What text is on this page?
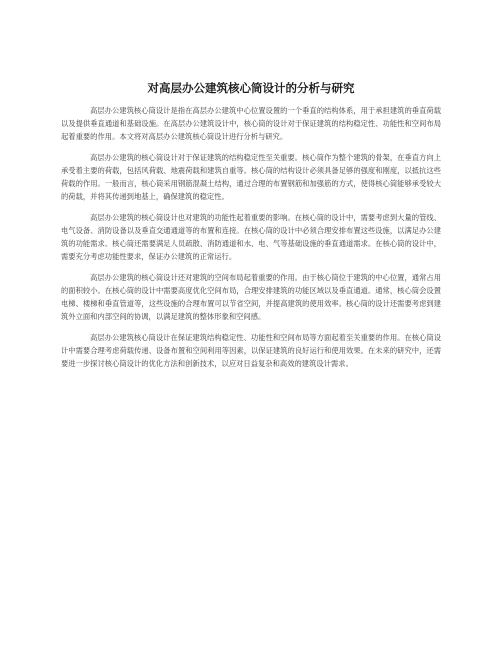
对高层办公建筑核心筒设计的分析与研究

高层办公建筑核心筒设计是指在高层办公建筑中心位置设置的一个垂直的结构体系，用于承担建筑的垂直荷载以及提供垂直通道和基础设施。在高层办公建筑设计中，核心筒的设计对于保证建筑的结构稳定性、功能性和空间布局起着重要的作用。本文将对高层办公建筑核心筒设计进行分析与研究。

高层办公建筑的核心筒设计对于保证建筑的结构稳定性至关重要。核心筒作为整个建筑的骨架，在垂直方向上承受着主要的荷载，包括风荷载、地震荷载和建筑自重等。核心筒的结构设计必须具备足够的强度和刚度，以抵抗这些荷载的作用。一般而言，核心筒采用钢筋混凝土结构，通过合理的布置钢筋和加强筋的方式，使得核心筒能够承受较大的荷载，并将其传递到地基上，确保建筑的稳定性。

高层办公建筑的核心筒设计也对建筑的功能性起着重要的影响。在核心筒的设计中，需要考虑到大量的管线、电气设备、消防设备以及垂直交通通道等的布置和连接。在核心筒的设计中必须合理安排布置这些设施，以满足办公建筑的功能需求。核心筒还需要满足人员疏散、消防通道和水、电、气等基础设施的垂直通道需求。在核心筒的设计中，需要充分考虑功能性要求，保证办公建筑的正常运行。

高层办公建筑的核心筒设计还对建筑的空间布局起着重要的作用。由于核心筒位于建筑的中心位置，通常占用的面积较小。在核心筒的设计中需要高度优化空间布局，合理安排建筑的功能区域以及垂直通道。通常，核心筒会设置电梯、楼梯和垂直管道等，这些设施的合理布置可以节省空间，并提高建筑的使用效率。核心筒的设计还需要考虑到建筑外立面和内部空间的协调，以满足建筑的整体形象和空间感。

高层办公建筑核心筒设计在保证建筑结构稳定性、功能性和空间布局等方面起着至关重要的作用。在核心筒设计中需要合理考虑荷载传递、设备布置和空间利用等因素，以保证建筑的良好运行和使用效果。在未来的研究中，还需要进一步探讨核心筒设计的优化方法和创新技术，以应对日益复杂和高效的建筑设计需求。
